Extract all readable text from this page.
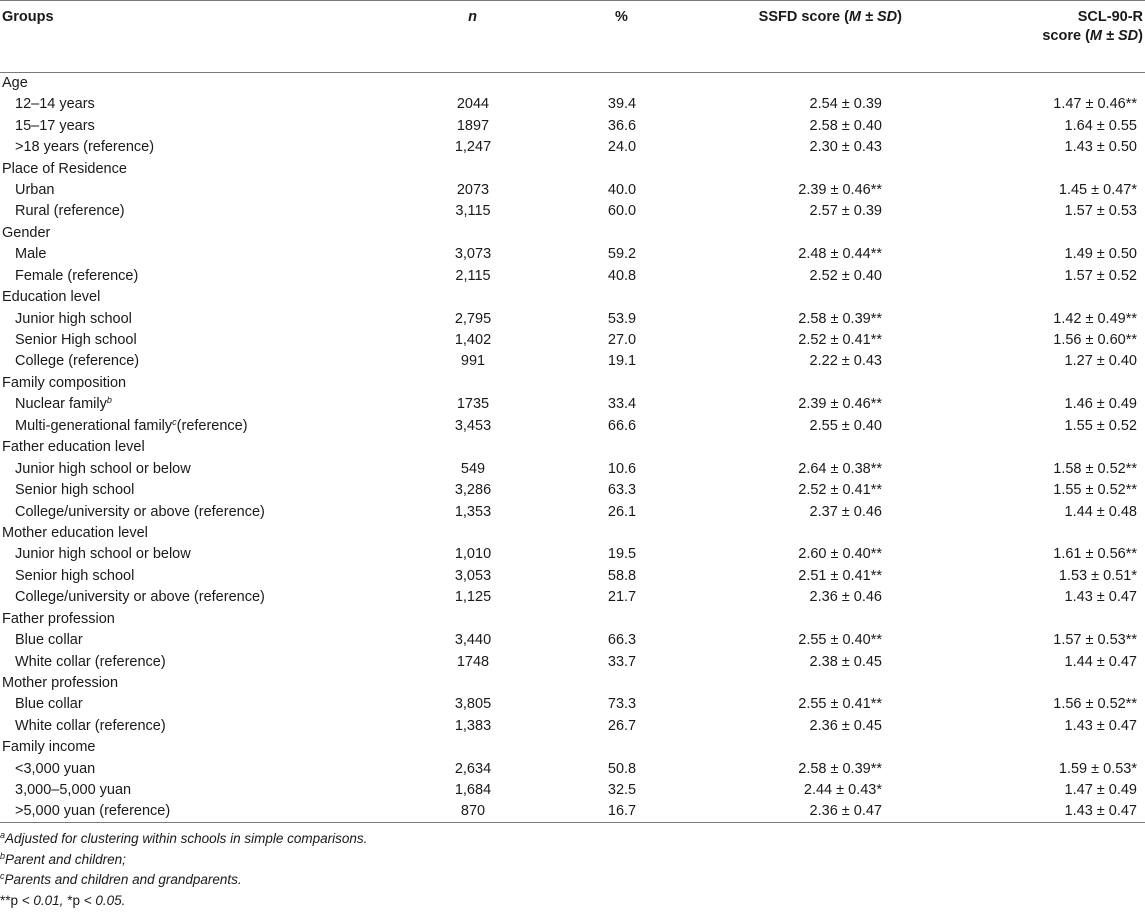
Groups	n	%	SSFD score (M ± SD)	SCL-90-R
score (M ± SD)

Age				
12–14 years	2044	39.4	2.54 ± 0.39	1.47 ± 0.46**
15–17 years	1897	36.6	2.58 ± 0.40	1.64 ± 0.55
>18 years (reference)	1,247	24.0	2.30 ± 0.43	1.43 ± 0.50
Place of Residence				
Urban	2073	40.0	2.39 ± 0.46**	1.45 ± 0.47*
Rural (reference)	3,115	60.0	2.57 ± 0.39	1.57 ± 0.53
Gender				
Male	3,073	59.2	2.48 ± 0.44**	1.49 ± 0.50
Female (reference)	2,115	40.8	2.52 ± 0.40	1.57 ± 0.52
Education level				
Junior high school	2,795	53.9	2.58 ± 0.39**	1.42 ± 0.49**
Senior High school	1,402	27.0	2.52 ± 0.41**	1.56 ± 0.60**
College (reference)	991	19.1	2.22 ± 0.43	1.27 ± 0.40
Family composition				
Nuclear family$^b$	1735	33.4	2.39 ± 0.46**	1.46 ± 0.49
Multi-generational family$^c$(reference)	3,453	66.6	2.55 ± 0.40	1.55 ± 0.52
Father education level				
Junior high school or below	549	10.6	2.64 ± 0.38**	1.58 ± 0.52**
Senior high school	3,286	63.3	2.52 ± 0.41**	1.55 ± 0.52**
College/university or above (reference)	1,353	26.1	2.37 ± 0.46	1.44 ± 0.48
Mother education level				
Junior high school or below	1,010	19.5	2.60 ± 0.40**	1.61 ± 0.56**
Senior high school	3,053	58.8	2.51 ± 0.41**	1.53 ± 0.51*
College/university or above (reference)	1,125	21.7	2.36 ± 0.46	1.43 ± 0.47
Father profession				
Blue collar	3,440	66.3	2.55 ± 0.40**	1.57 ± 0.53**
White collar (reference)	1748	33.7	2.38 ± 0.45	1.44 ± 0.47
Mother profession				
Blue collar	3,805	73.3	2.55 ± 0.41**	1.56 ± 0.52**
White collar (reference)	1,383	26.7	2.36 ± 0.45	1.43 ± 0.47
Family income				
<3,000 yuan	2,634	50.8	2.58 ± 0.39**	1.59 ± 0.53*
3,000–5,000 yuan	1,684	32.5	2.44 ± 0.43*	1.47 ± 0.49
>5,000 yuan (reference)	870	16.7	2.36 ± 0.47	1.43 ± 0.47
$^a$Adjusted for clustering within schools in simple comparisons.
$^b$Parent and children;
$^c$Parents and children and grandparents.
**p < 0.01, *p < 0.05.
